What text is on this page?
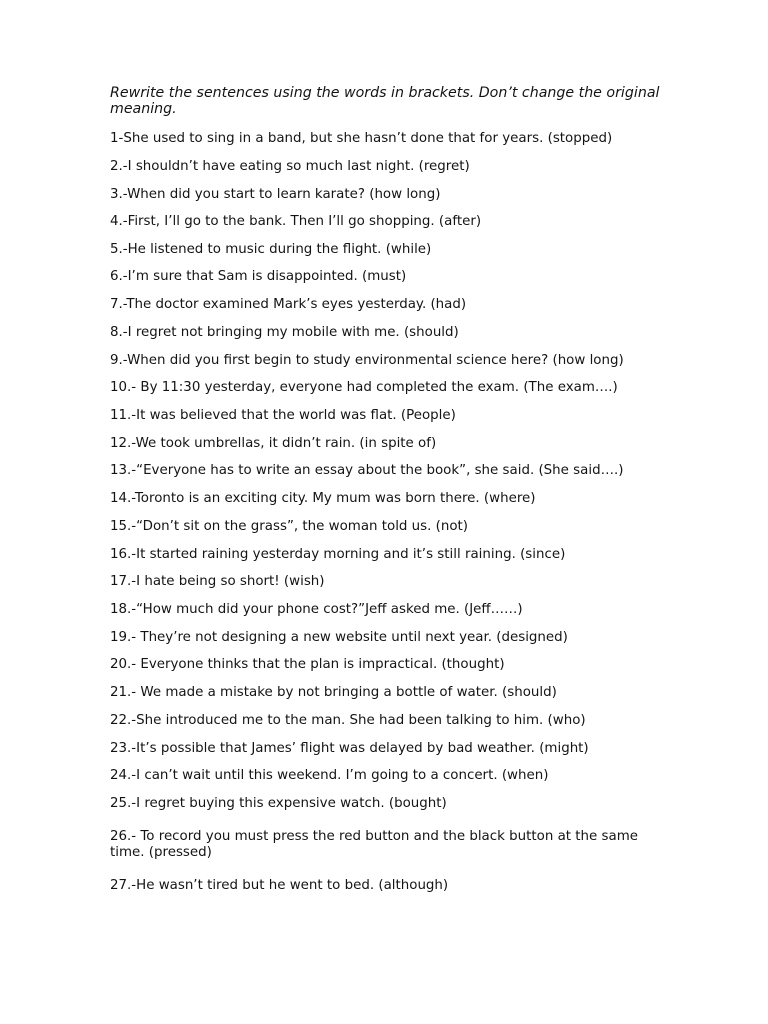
Rewrite the sentences using the words in brackets. Don’t change the original meaning.

1-She used to sing in a band, but she hasn’t done that for years. (stopped)
2.-I shouldn’t have eating so much last night. (regret)
3.-When did you start to learn karate? (how long)
4.-First, I’ll go to the bank. Then I’ll go shopping. (after)
5.-He listened to music during the flight. (while)
6.-I’m sure that Sam is disappointed. (must)
7.-The doctor examined Mark’s eyes yesterday. (had)
8.-I regret not bringing my mobile with me. (should)
9.-When did you first begin to study environmental science here? (how long)
10.- By 11:30 yesterday, everyone had completed the exam. (The exam….)
11.-It was believed that the world was flat. (People)
12.-We took umbrellas, it didn’t rain. (in spite of)
13.-“Everyone has to write an essay about the book”, she said. (She said….)
14.-Toronto is an exciting city. My mum was born there. (where)
15.-“Don’t sit on the grass”, the woman told us. (not)
16.-It started raining yesterday morning and it’s still raining. (since)
17.-I hate being so short! (wish)
18.-“How much did your phone cost?”Jeff asked me. (Jeff……)
19.- They’re not designing a new website until next year. (designed)
20.- Everyone thinks that the plan is impractical. (thought)
21.- We made a mistake by not bringing a bottle of water. (should)
22.-She introduced me to the man. She had been talking to him. (who)
23.-It’s possible that James’ flight was delayed by bad weather. (might)
24.-I can’t wait until this weekend. I’m going to a concert. (when)
25.-I regret buying this expensive watch. (bought)
26.- To record you must press the red button and the black button at the same time. (pressed)
27.-He wasn’t tired but he went to bed. (although)
